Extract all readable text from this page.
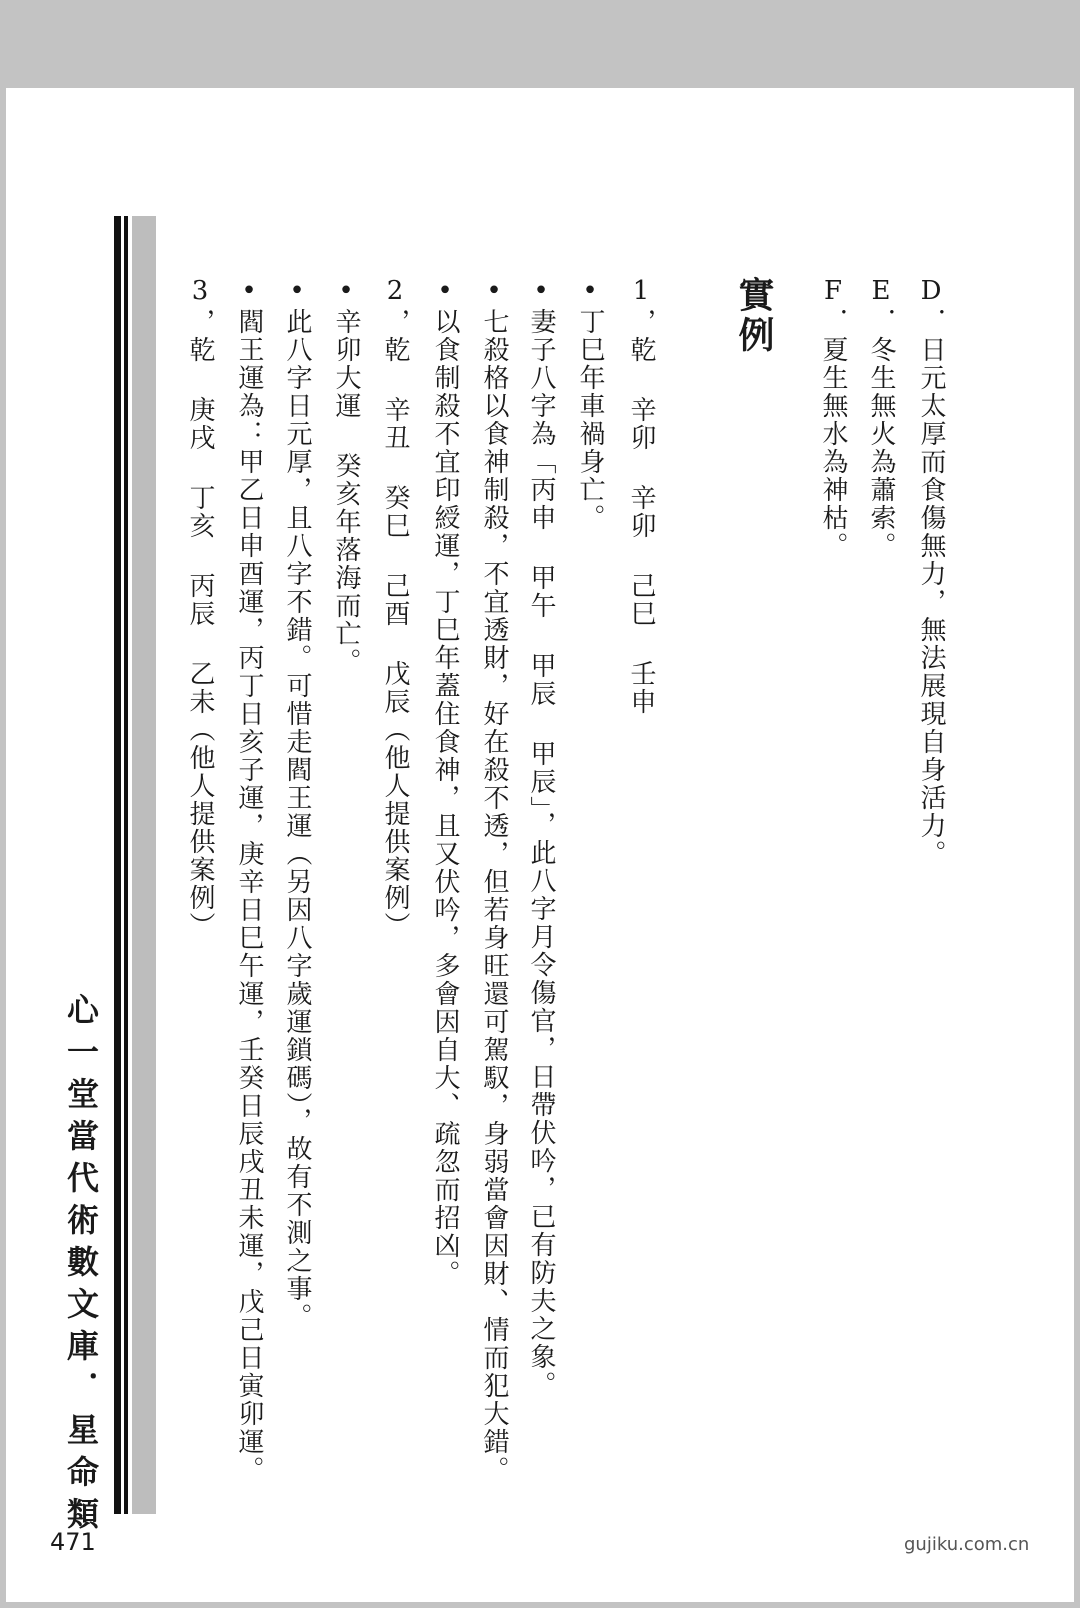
D．日元太厚而食傷無力，無法展現自身活力。
E．冬生無火為蕭索。
F．夏生無水為神枯。
實例
1，乾 辛卯 辛卯 己巳 壬申
•丁巳年車禍身亡。
•妻子八字為「丙申 甲午 甲辰 甲辰」，此八字月令傷官，日帶伏吟，已有防夫之象。
•七殺格以食神制殺，不宜透財，好在殺不透，但若身旺還可駕馭，身弱當會因財、情而犯大錯。
•以食制殺不宜印綬運，丁巳年蓋住食神，且又伏吟，多會因自大、疏忽而招凶。
2，乾 辛丑 癸巳 己酉 戊辰（他人提供案例）
•辛卯大運 癸亥年落海而亡。
•此八字日元厚，且八字不錯。可惜走閻王運（另因八字歲運鎖碼），故有不測之事。
•閻王運為：甲乙日申酉運，丙丁日亥子運，庚辛日巳午運，壬癸日辰戌丑未運，戊己日寅卯運。
3，乾 庚戌 丁亥 丙辰 乙未（他人提供案例）
心一堂當代術數文庫．星命類
471	gujiku.com.cn
